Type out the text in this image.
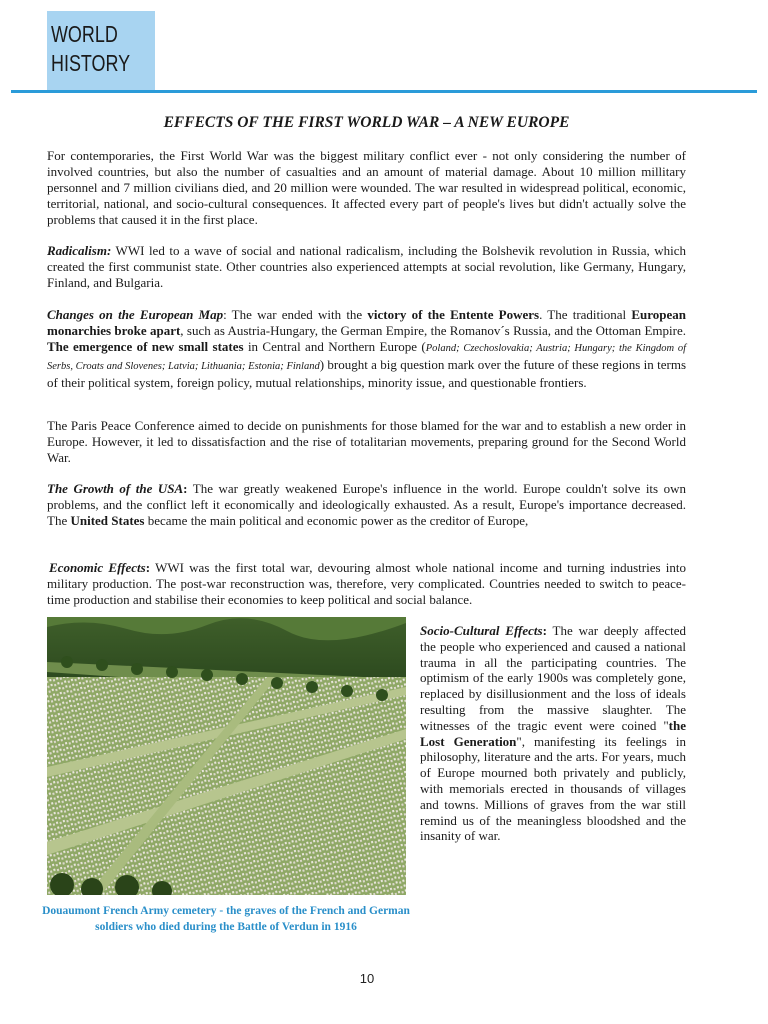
WORLD
HISTORY
EFFECTS OF THE FIRST WORLD WAR – A NEW EUROPE

For contemporaries, the First World War was the biggest military conflict ever - not only considering the number of involved countries, but also the number of casualties and an amount of material damage. About 10 million millitary personnel and 7 million civilians died, and 20 million were wounded. The war resulted in widespread political, economic, territorial, national, and socio-cultural consequences. It affected every part of people's lives but didn't actually solve the problems that caused it in the first place.

Radicalism: WWI led to a wave of social and national radicalism, including the Bolshevik revolution in Russia, which created the first communist state. Other countries also experienced attempts at social revolution, like Germany, Hungary, Finland, and Bulgaria.

Changes on the European Map: The war ended with the victory of the Entente Powers. The traditional European monarchies broke apart, such as Austria-Hungary, the German Empire, the Romanov´s Russia, and the Ottoman Empire. The emergence of new small states in Central and Northern Europe (Poland; Czechoslovakia; Austria; Hungary; the Kingdom of Serbs, Croats and Slovenes; Latvia; Lithuania; Estonia; Finland) brought a big question mark over the future of these regions in terms of their political system, foreign policy, mutual relationships, minority issue, and questionable frontiers.

The Paris Peace Conference aimed to decide on punishments for those blamed for the war and to establish a new order in Europe. However, it led to dissatisfaction and the rise of totalitarian movements, preparing ground for the Second World War.

The Growth of the USA: The war greatly weakened Europe's influence in the world. Europe couldn't solve its own problems, and the conflict left it economically and ideologically exhausted. As a result, Europe's importance decreased. The United States became the main political and economic power as the creditor of Europe,

Economic Effects: WWI was the first total war, devouring almost whole national income and turning industries into military production. The post-war reconstruction was, therefore, very complicated. Countries needed to switch to peace-time production and stabilise their economies to keep political and social balance.

Douaumont French Army cemetery - the graves of the French and German soldiers who died during the Battle of Verdun in 1916

Socio-Cultural Effects: The war deeply affected the people who experienced and caused a national trauma in all the participating countries. The optimism of the early 1900s was completely gone, replaced by disillusionment and the loss of ideals resulting from the massive slaughter. The witnesses of the tragic event were coined "the Lost Generation", manifesting its feelings in philosophy, literature and the arts. For years, much of Europe mourned both privately and publicly, with memorials erected in thousands of villages and towns. Millions of graves from the war still remind us of the meaningless bloodshed and the insanity of war.

10
